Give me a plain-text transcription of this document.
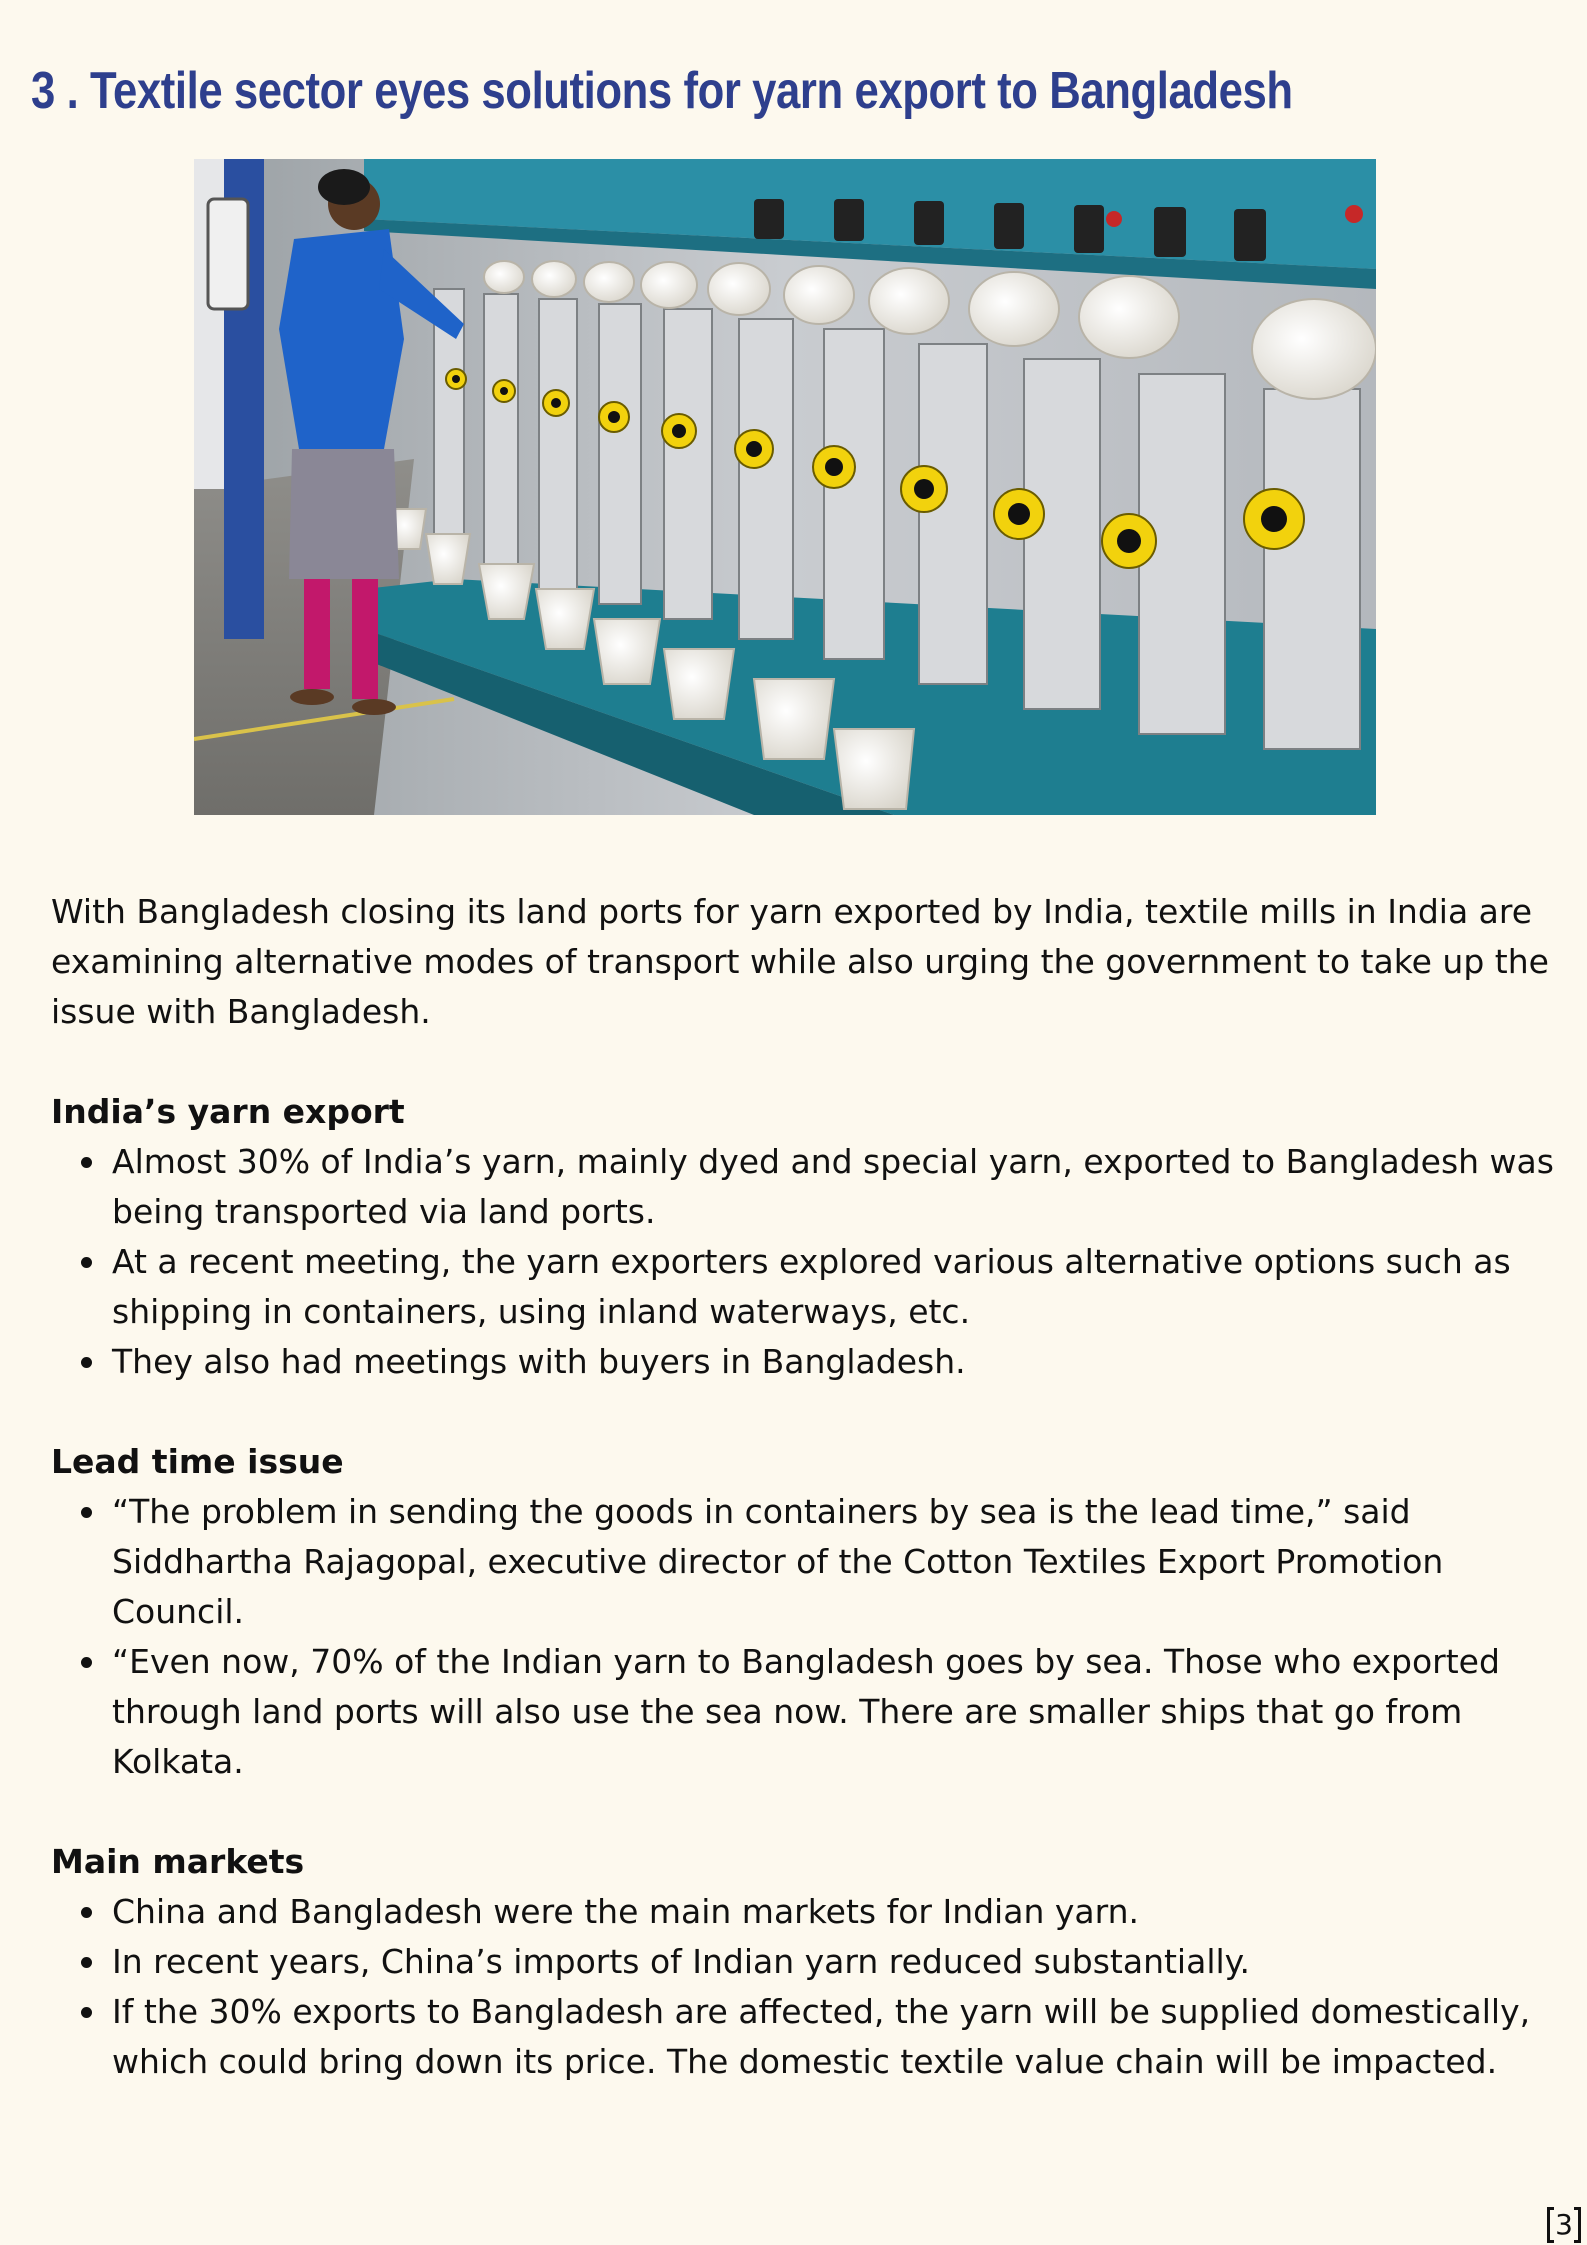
3 . Textile sector eyes solutions for yarn export to Bangladesh

With Bangladesh closing its land ports for yarn exported by India, textile mills in India are examining alternative modes of transport while also urging the government to take up the issue with Bangladesh.

India’s yarn export
Almost 30% of India’s yarn, mainly dyed and special yarn, exported to Bangladesh was being transported via land ports.
At a recent meeting, the yarn exporters explored various alternative options such as shipping in containers, using inland waterways, etc.
They also had meetings with buyers in Bangladesh.
Lead time issue
“The problem in sending the goods in containers by sea is the lead time,” said Siddhartha Rajagopal, executive director of the Cotton Textiles Export Promotion Council.
“Even now, 70% of the Indian yarn to Bangladesh goes by sea. Those who exported through land ports will also use the sea now. There are smaller ships that go from Kolkata.
Main markets
China and Bangladesh were the main markets for Indian yarn.
In recent years, China’s imports of Indian yarn reduced substantially.
If the 30% exports to Bangladesh are affected, the yarn will be supplied domestically, which could bring down its price. The domestic textile value chain will be impacted.
3
